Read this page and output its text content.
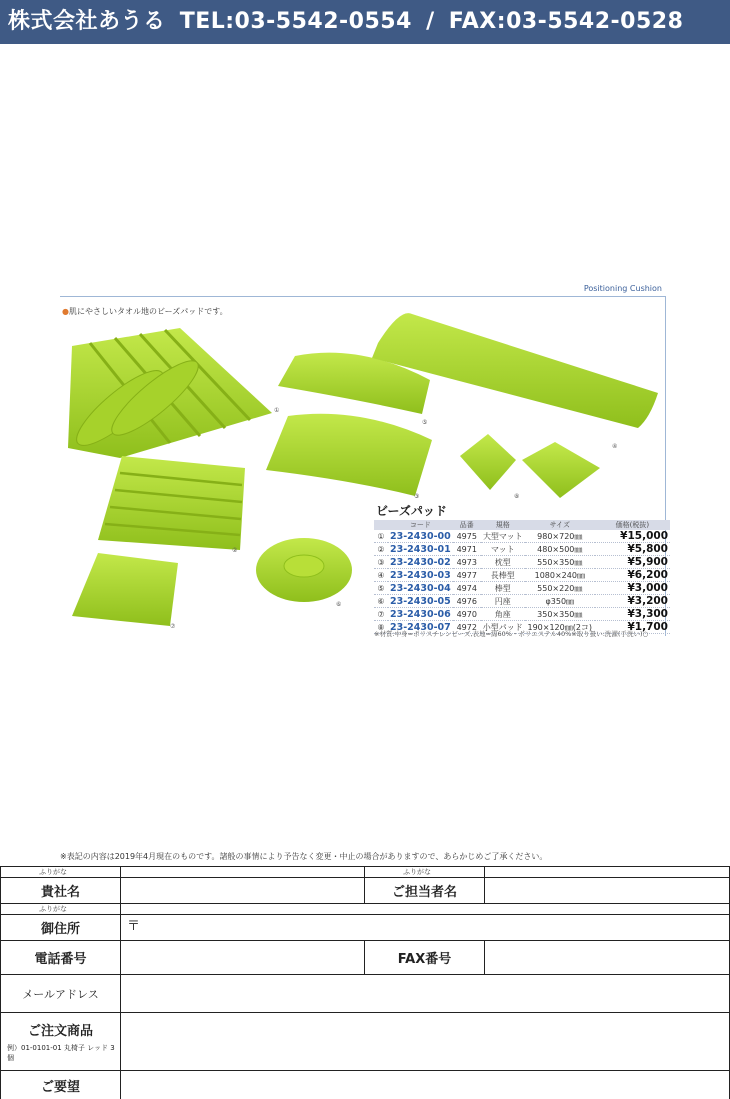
株式会社あうる TEL:03-5542-0554 / FAX:03-5542-0528
Positioning Cushion
●肌にやさしいタオル地のビーズパッドです。
①
②
③
④
⑤
⑥
⑦
⑧
ビーズパッド
	コード	品番	規格	サイズ	価格(税抜)
①	23-2430-00	4975	大型マット	980×720㎜	¥15,000
②	23-2430-01	4971	マット	480×500㎜	¥5,800
③	23-2430-02	4973	枕型	550×350㎜	¥5,900
④	23-2430-03	4977	長棒型	1080×240㎜	¥6,200
⑤	23-2430-04	4974	棒型	550×220㎜	¥3,000
⑥	23-2430-05	4976	円座	φ350㎜	¥3,200
⑦	23-2430-06	4970	角座	350×350㎜	¥3,300
⑧	23-2430-07	4972	小型パッド	190×120㎜(2コ)	¥1,700
※材質:中身=ポリスチレンビーズ,表地=綿60%・ポリエステル40%※取り扱い:洗濯(手洗い)○
※表記の内容は2019年4月現在のものです。諸般の事情により予告なく変更・中止の場合がありますので、あらかじめご了承ください。
ふりがな		ふりがな	
貴社名		ご担当者名	
ふりがな			
御住所	〒		
電話番号		FAX番号	
メールアドレス			
ご注文商品
例）01-0101-01 丸椅子 レッド 3個			

ご要望			
